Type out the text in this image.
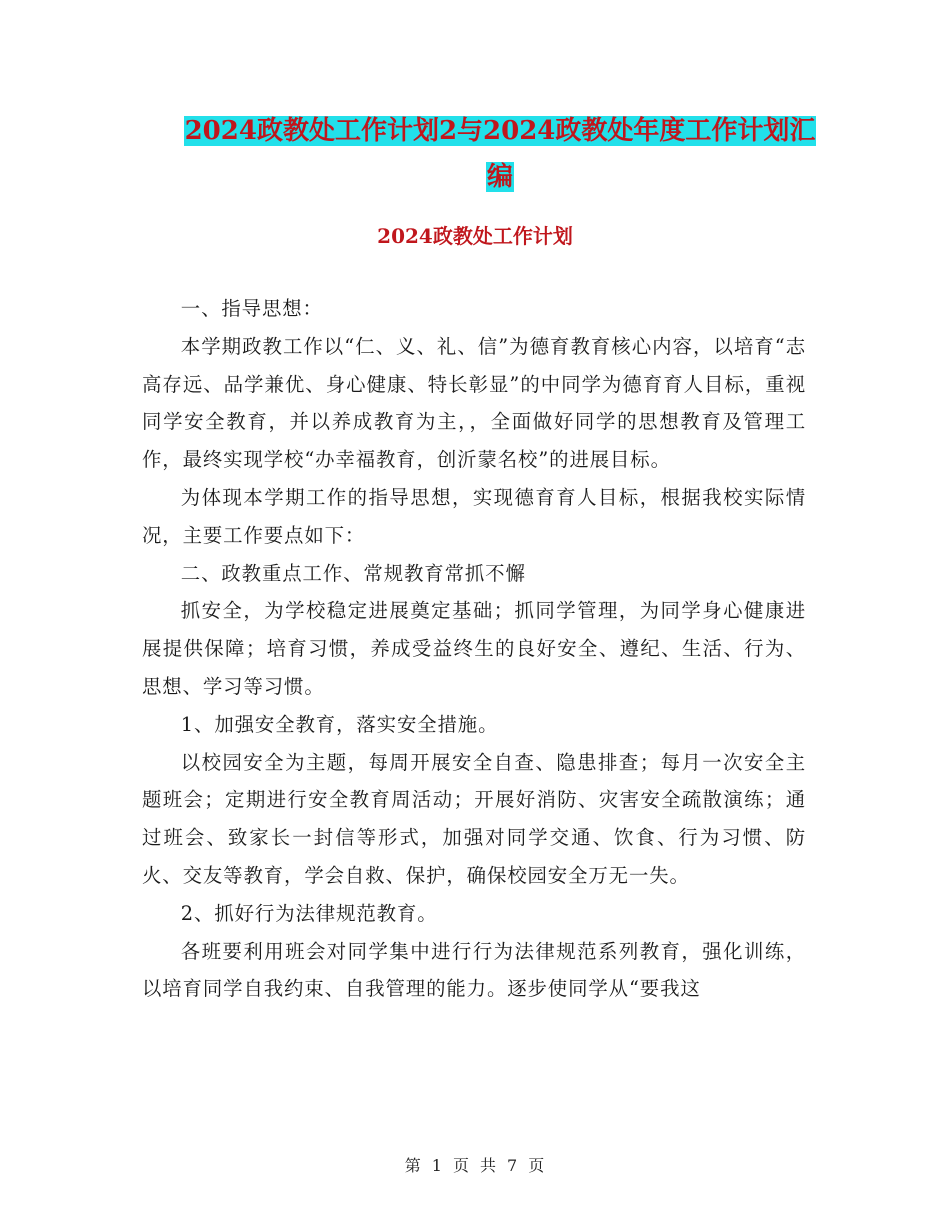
2024政教处工作计划2与2024政教处年度工作计划汇
编
2024政教处工作计划

一、指导思想：

本学期政教工作以“仁、义、礼、信”为德育教育核心内容，以培育“志高存远、品学兼优、身心健康、特长彰显”的中同学为德育育人目标，重视同学安全教育，并以养成教育为主，，全面做好同学的思想教育及管理工作，最终实现学校“办幸福教育，创沂蒙名校”的进展目标。

为体现本学期工作的指导思想，实现德育育人目标，根据我校实际情况，主要工作要点如下：

二、政教重点工作、常规教育常抓不懈

抓安全，为学校稳定进展奠定基础；抓同学管理，为同学身心健康进展提供保障；培育习惯，养成受益终生的良好安全、遵纪、生活、行为、思想、学习等习惯。

1、加强安全教育，落实安全措施。

以校园安全为主题，每周开展安全自查、隐患排查；每月一次安全主题班会；定期进行安全教育周活动；开展好消防、灾害安全疏散演练；通过班会、致家长一封信等形式，加强对同学交通、饮食、行为习惯、防火、交友等教育，学会自救、保护，确保校园安全万无一失。

2、抓好行为法律规范教育。

各班要利用班会对同学集中进行行为法律规范系列教育，强化训练，以培育同学自我约束、自我管理的能力。逐步使同学从“要我这

第 1 页 共 7 页
